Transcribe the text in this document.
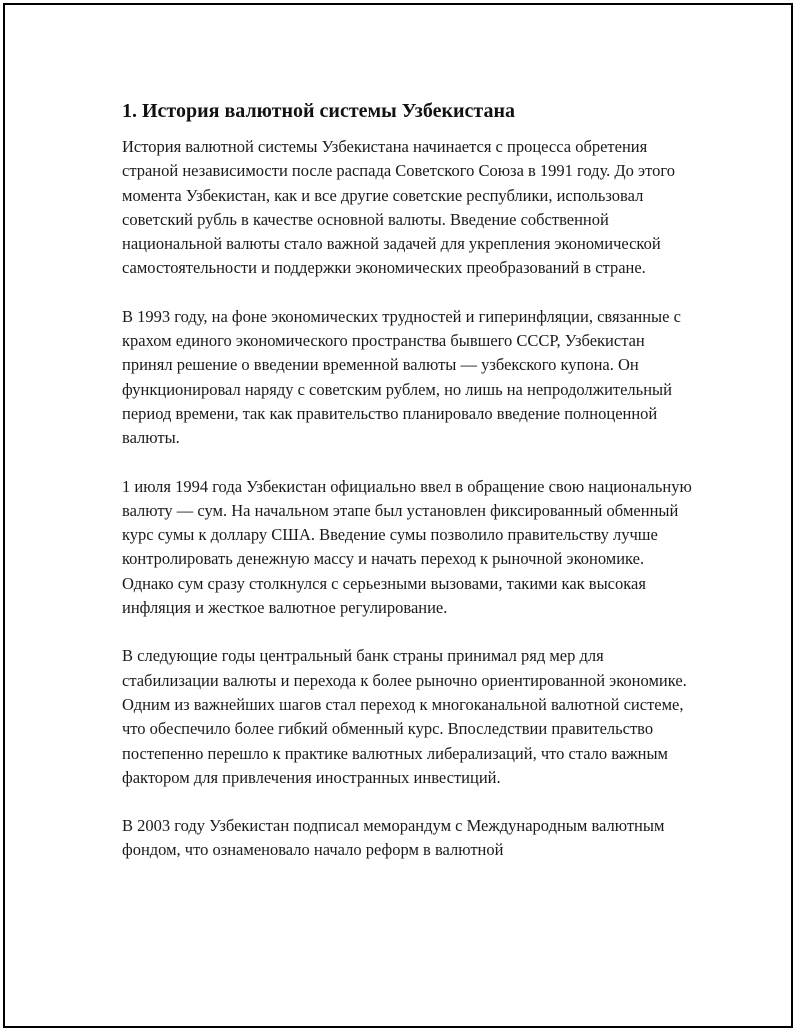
1. История валютной системы Узбекистана

История валютной системы Узбекистана начинается с процесса обретения страной независимости после распада Советского Союза в 1991 году. До этого момента Узбекистан, как и все другие советские республики, использовал советский рубль в качестве основной валюты. Введение собственной национальной валюты стало важной задачей для укрепления экономической самостоятельности и поддержки экономических преобразований в стране.

В 1993 году, на фоне экономических трудностей и гиперинфляции, связанные с крахом единого экономического пространства бывшего СССР, Узбекистан принял решение о введении временной валюты — узбекского купона. Он функционировал наряду с советским рублем, но лишь на непродолжительный период времени, так как правительство планировало введение полноценной валюты.

1 июля 1994 года Узбекистан официально ввел в обращение свою национальную валюту — сум. На начальном этапе был установлен фиксированный обменный курс сумы к доллару США. Введение сумы позволило правительству лучше контролировать денежную массу и начать переход к рыночной экономике. Однако сум сразу столкнулся с серьезными вызовами, такими как высокая инфляция и жесткое валютное регулирование.

В следующие годы центральный банк страны принимал ряд мер для стабилизации валюты и перехода к более рыночно ориентированной экономике. Одним из важнейших шагов стал переход к многоканальной валютной системе, что обеспечило более гибкий обменный курс. Впоследствии правительство постепенно перешло к практике валютных либерализаций, что стало важным фактором для привлечения иностранных инвестиций.

В 2003 году Узбекистан подписал меморандум с Международным валютным фондом, что ознаменовало начало реформ в валютной
